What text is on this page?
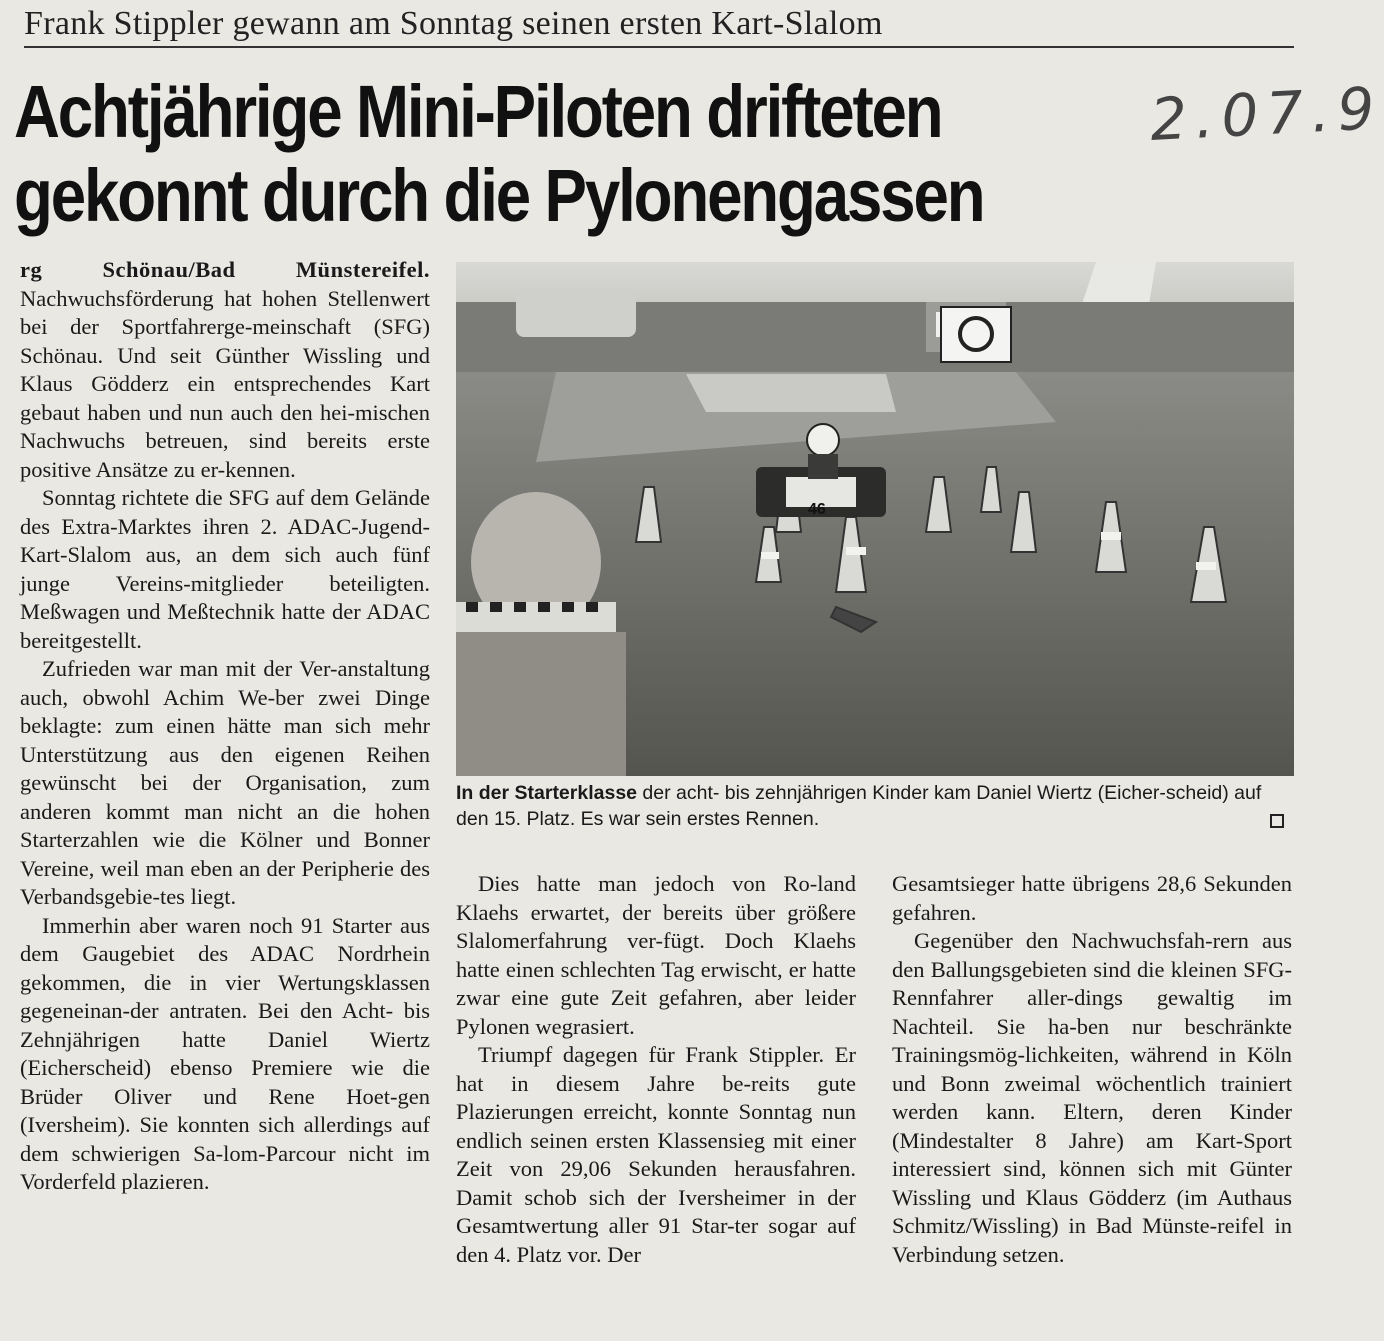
Frank Stippler gewann am Sonntag seinen ersten Kart-Slalom
Achtjährige Mini-Piloten drifteten
gekonnt durch die Pylonengassen
2.07.9

rg Schönau/Bad Münstereifel. Nachwuchsförderung hat hohen Stellenwert bei der Sportfahrerge-meinschaft (SFG) Schönau. Und seit Günther Wissling und Klaus Gödderz ein entsprechendes Kart gebaut haben und nun auch den hei-mischen Nachwuchs betreuen, sind bereits erste positive Ansätze zu er-kennen.

Sonntag richtete die SFG auf dem Gelände des Extra-Marktes ihren 2. ADAC-Jugend-Kart-Slalom aus, an dem sich auch fünf junge Vereins-mitglieder beteiligten. Meßwagen und Meßtechnik hatte der ADAC bereitgestellt.

Zufrieden war man mit der Ver-anstaltung auch, obwohl Achim We-ber zwei Dinge beklagte: zum einen hätte man sich mehr Unterstützung aus den eigenen Reihen gewünscht bei der Organisation, zum anderen kommt man nicht an die hohen Starterzahlen wie die Kölner und Bonner Vereine, weil man eben an der Peripherie des Verbandsgebie-tes liegt.

Immerhin aber waren noch 91 Starter aus dem Gaugebiet des ADAC Nordrhein gekommen, die in vier Wertungsklassen gegeneinan-der antraten. Bei den Acht- bis Zehnjährigen hatte Daniel Wiertz (Eicherscheid) ebenso Premiere wie die Brüder Oliver und Rene Hoet-gen (Iversheim). Sie konnten sich allerdings auf dem schwierigen Sa-lom-Parcour nicht im Vorderfeld plazieren.

46
In der Starterklasse der acht- bis zehnjährigen Kinder kam Daniel Wiertz (Eicher-scheid) auf den 15. Platz. Es war sein erstes Rennen.

Dies hatte man jedoch von Ro-land Klaehs erwartet, der bereits über größere Slalomerfahrung ver-fügt. Doch Klaehs hatte einen schlechten Tag erwischt, er hatte zwar eine gute Zeit gefahren, aber leider Pylonen wegrasiert.

Triumpf dagegen für Frank Stippler. Er hat in diesem Jahre be-reits gute Plazierungen erreicht, konnte Sonntag nun endlich seinen ersten Klassensieg mit einer Zeit von 29,06 Sekunden herausfahren. Damit schob sich der Iversheimer in der Gesamtwertung aller 91 Star-ter sogar auf den 4. Platz vor. Der

Gesamtsieger hatte übrigens 28,6 Sekunden gefahren.

Gegenüber den Nachwuchsfah-rern aus den Ballungsgebieten sind die kleinen SFG-Rennfahrer aller-dings gewaltig im Nachteil. Sie ha-ben nur beschränkte Trainingsmög-lichkeiten, während in Köln und Bonn zweimal wöchentlich trainiert werden kann. Eltern, deren Kinder (Mindestalter 8 Jahre) am Kart-Sport interessiert sind, können sich mit Günter Wissling und Klaus Gödderz (im Authaus Schmitz/Wissling) in Bad Münste-reifel in Verbindung setzen.
